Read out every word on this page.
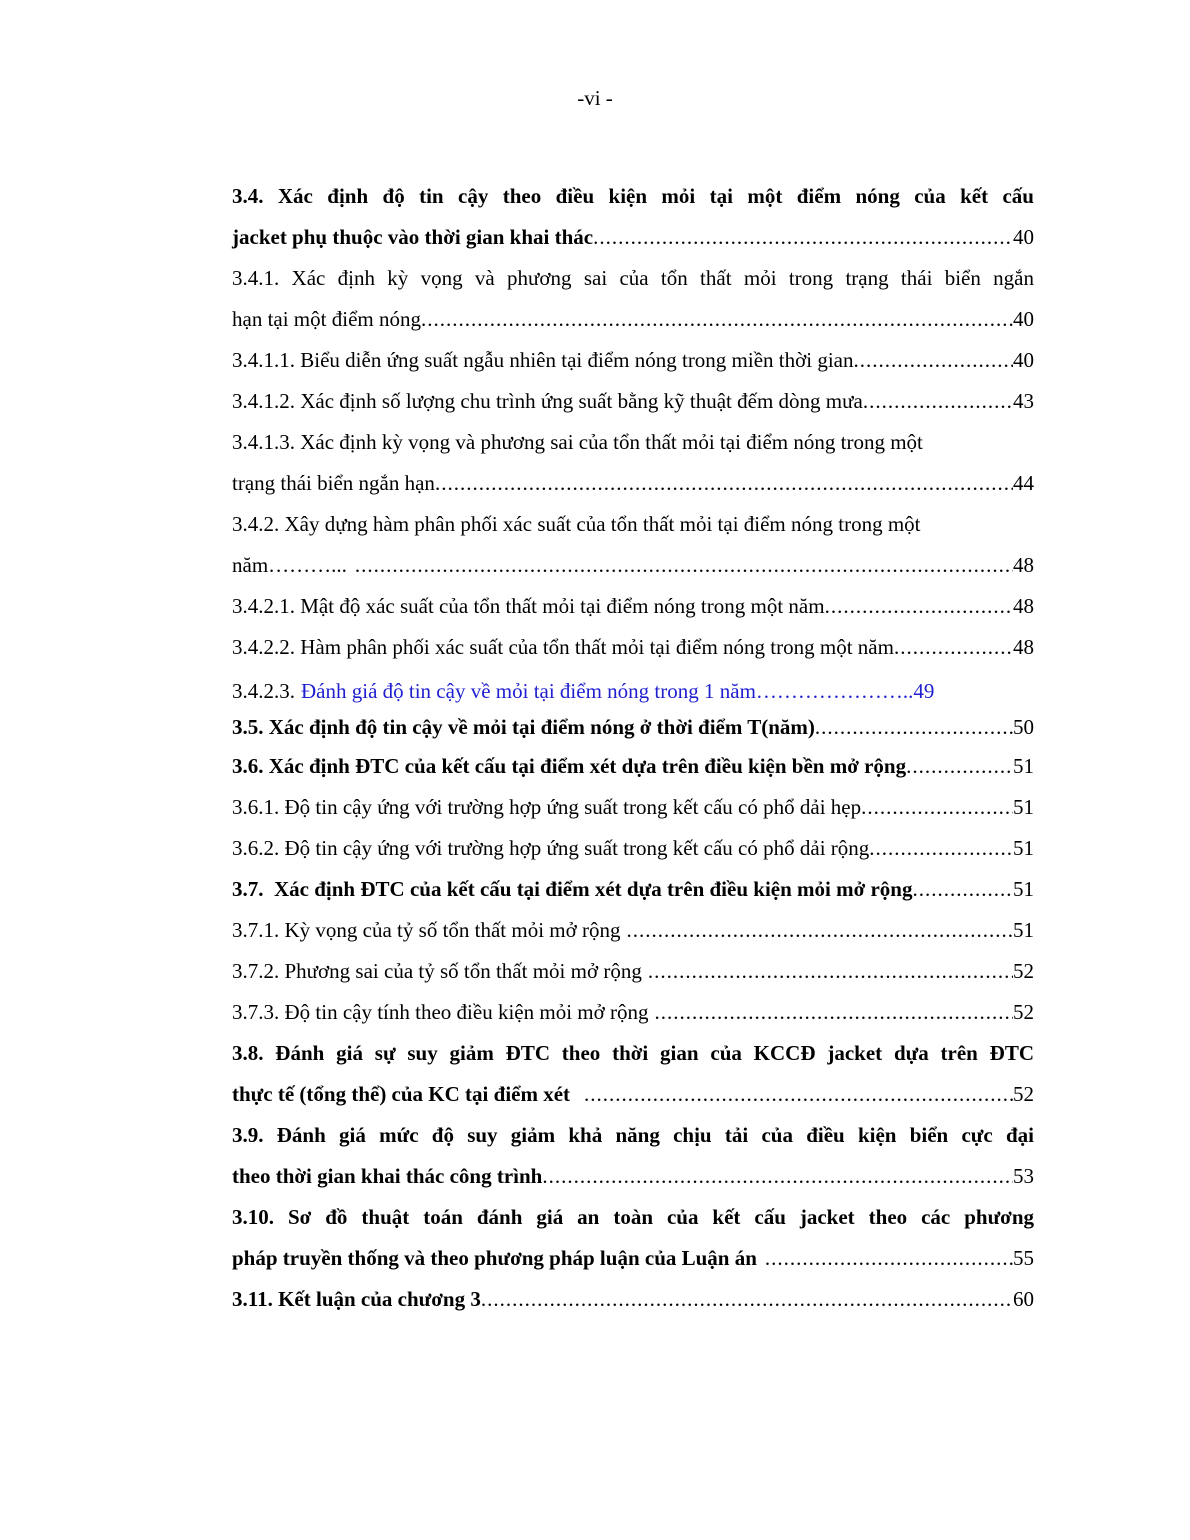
-vi -
3.4. Xác định độ tin cậy theo điều kiện mỏi tại một điểm nóng của kết cấu
jacket phụ thuộc vào thời gian khai thác .....	40
3.4.1. Xác định kỳ vọng và phương sai của tổn thất mỏi trong trạng thái biển ngắn
hạn tại một điểm nóng .....	40
3.4.1.1. Biểu diễn ứng suất ngẫu nhiên tại điểm nóng trong miền thời gian .....	40
3.4.1.2. Xác định số lượng chu trình ứng suất bằng kỹ thuật đếm dòng mưa .....	43
3.4.1.3. Xác định kỳ vọng và phương sai của tổn thất mỏi tại điểm nóng trong một
trạng thái biển ngắn hạn .....	44
3.4.2. Xây dựng hàm phân phối xác suất của tổn thất mỏi tại điểm nóng trong một
năm………... .....	48
3.4.2.1. Mật độ xác suất của tổn thất mỏi tại điểm nóng trong một năm .....	48
3.4.2.2. Hàm phân phối xác suất của tổn thất mỏi tại điểm nóng trong một năm .....	48
3.4.2.3. Đánh giá độ tin cậy về mỏi tại điểm nóng trong 1 năm…………………..49
3.5. Xác định độ tin cậy về mỏi tại điểm nóng ở thời điểm T(năm) .....	50
3.6. Xác định ĐTC của kết cấu tại điểm xét dựa trên điều kiện bền mở rộng .....	51
3.6.1. Độ tin cậy ứng với trường hợp ứng suất trong kết cấu có phổ dải hẹp .....	51
3.6.2. Độ tin cậy ứng với trường hợp ứng suất trong kết cấu có phổ dải rộng .....	51
3.7.  Xác định ĐTC của kết cấu tại điểm xét dựa trên điều kiện mỏi mở rộng .....	51
3.7.1. Kỳ vọng của tỷ số tổn thất mỏi mở rộng .....	51
3.7.2. Phương sai của tỷ số tổn thất mỏi mở rộng .....	52
3.7.3. Độ tin cậy tính theo điều kiện mỏi mở rộng .....	52
3.8. Đánh giá sự suy giảm ĐTC theo thời gian của KCCĐ jacket dựa trên ĐTC
thực tế (tổng thể) của KC tại điểm xét .....	52
3.9. Đánh giá mức độ suy giảm khả năng chịu tải của điều kiện biển cực đại
theo thời gian khai thác công trình .....	53
3.10. Sơ đồ thuật toán đánh giá an toàn của kết cấu jacket theo các phương
pháp truyền thống và theo phương pháp luận của Luận án .....	55
3.11. Kết luận của chương 3 .....	60
